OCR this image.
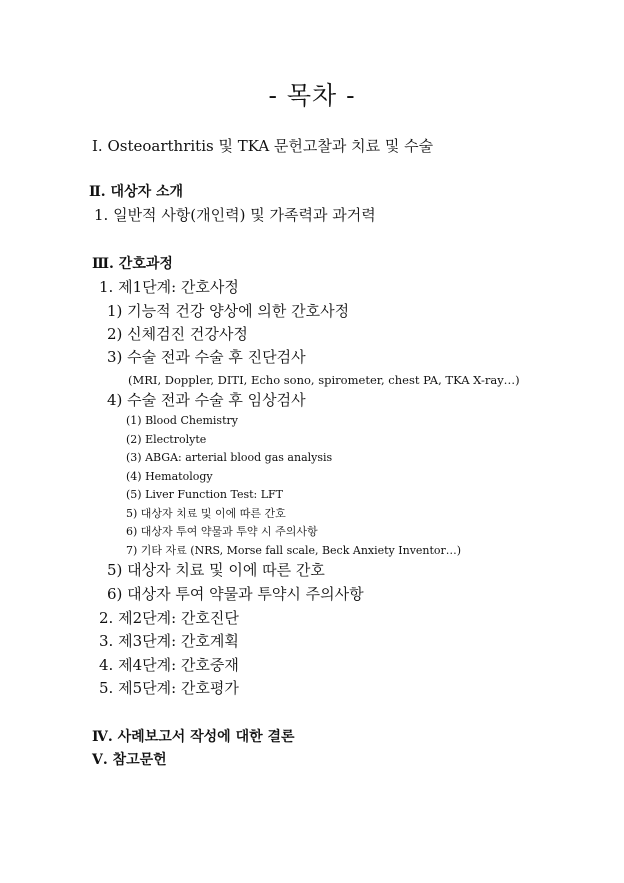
- 목차 -
Ⅰ. Osteoarthritis 및 TKA 문헌고찰과 치료 및 수술
Ⅱ. 대상자 소개
1. 일반적 사항(개인력) 및 가족력과 과거력
Ⅲ. 간호과정
1. 제1단계: 간호사정
1) 기능적 건강 양상에 의한 간호사정
2) 신체검진 건강사정
3) 수술 전과 수술 후 진단검사
(MRI, Doppler, DITI, Echo sono, spirometer, chest PA, TKA X-ray…)
4) 수술 전과 수술 후 임상검사
(1) Blood Chemistry
(2) Electrolyte
(3) ABGA: arterial blood gas analysis
(4) Hematology
(5) Liver Function Test: LFT
5) 대상자 치료 및 이에 따른 간호
6) 대상자 투여 약물과 투약 시 주의사항
7) 기타 자료 (NRS, Morse fall scale, Beck Anxiety Inventor…)
5) 대상자 치료 및 이에 따른 간호
6) 대상자 투여 약물과 투약시 주의사항
2. 제2단계: 간호진단
3. 제3단계: 간호계획
4. 제4단계: 간호중재
5. 제5단계: 간호평가
Ⅳ. 사례보고서 작성에 대한 결론
Ⅴ. 참고문헌
